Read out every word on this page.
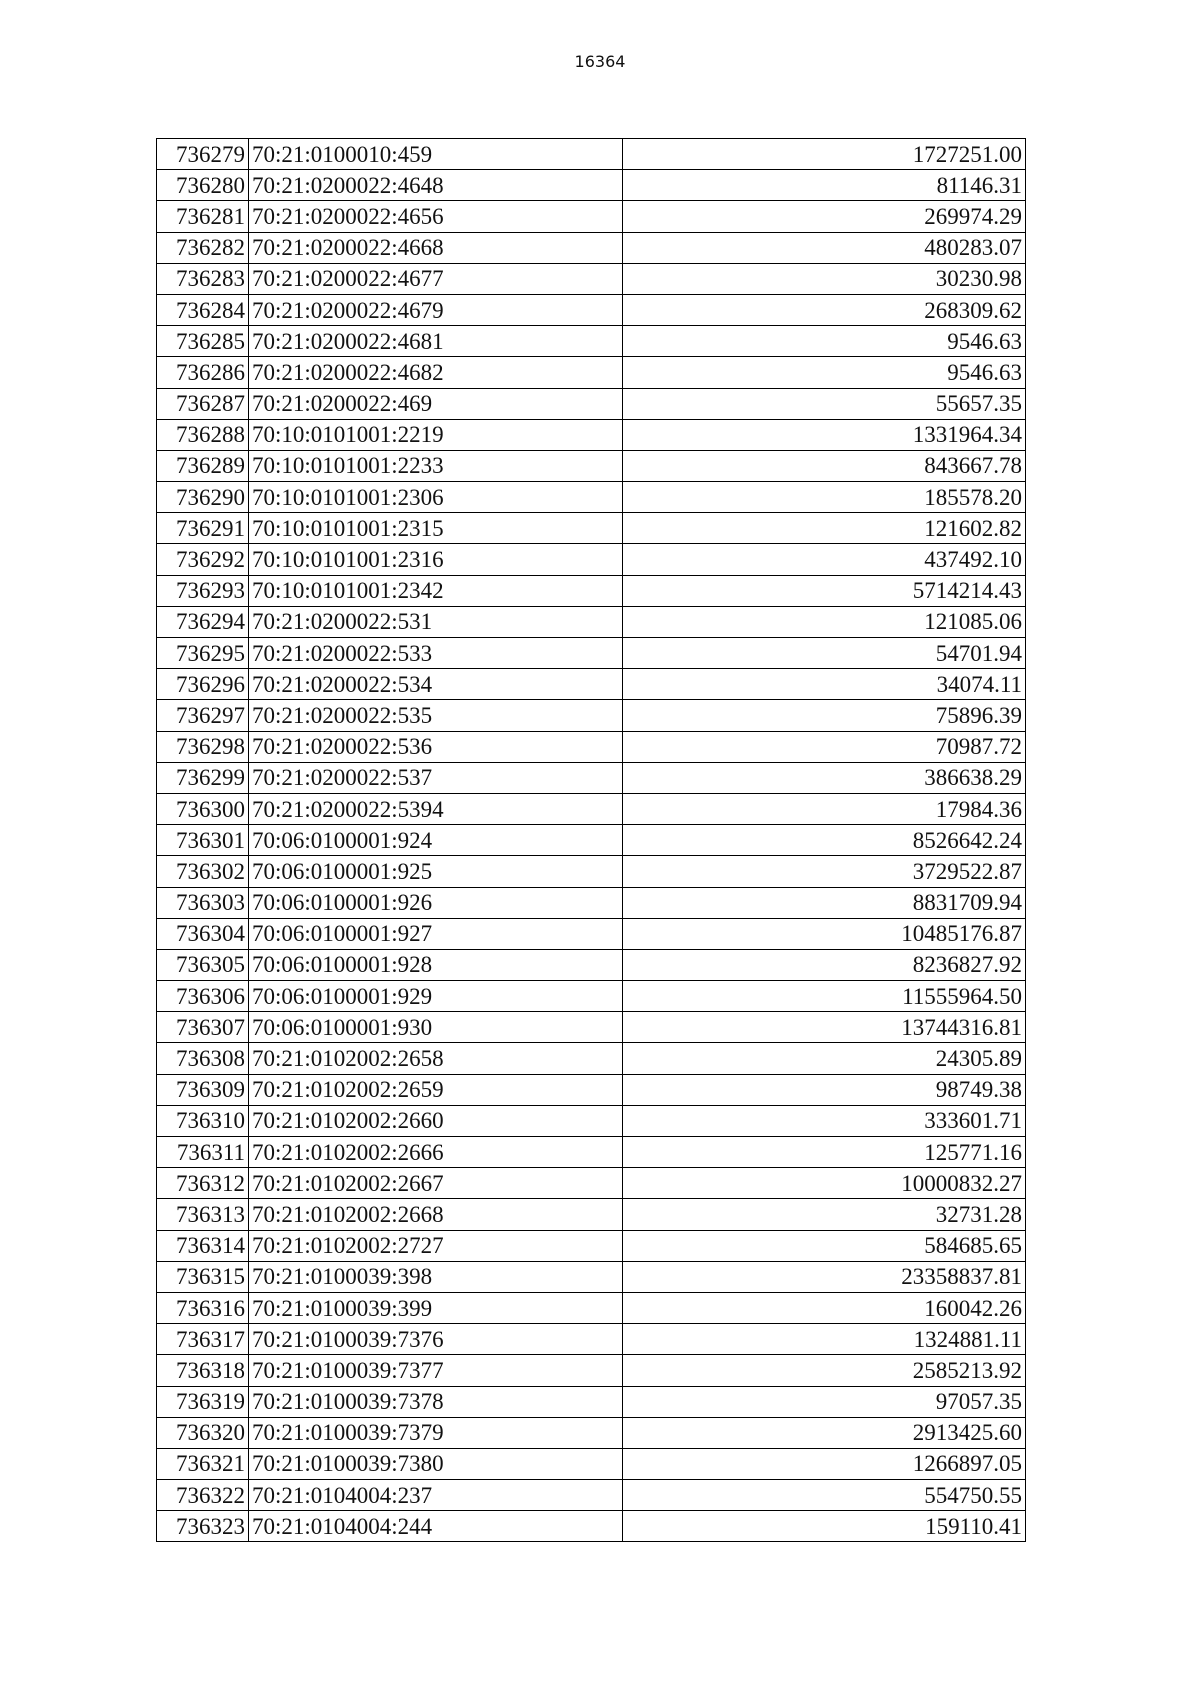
16364
736279	70:21:0100010:459	1727251.00
736280	70:21:0200022:4648	81146.31
736281	70:21:0200022:4656	269974.29
736282	70:21:0200022:4668	480283.07
736283	70:21:0200022:4677	30230.98
736284	70:21:0200022:4679	268309.62
736285	70:21:0200022:4681	9546.63
736286	70:21:0200022:4682	9546.63
736287	70:21:0200022:469	55657.35
736288	70:10:0101001:2219	1331964.34
736289	70:10:0101001:2233	843667.78
736290	70:10:0101001:2306	185578.20
736291	70:10:0101001:2315	121602.82
736292	70:10:0101001:2316	437492.10
736293	70:10:0101001:2342	5714214.43
736294	70:21:0200022:531	121085.06
736295	70:21:0200022:533	54701.94
736296	70:21:0200022:534	34074.11
736297	70:21:0200022:535	75896.39
736298	70:21:0200022:536	70987.72
736299	70:21:0200022:537	386638.29
736300	70:21:0200022:5394	17984.36
736301	70:06:0100001:924	8526642.24
736302	70:06:0100001:925	3729522.87
736303	70:06:0100001:926	8831709.94
736304	70:06:0100001:927	10485176.87
736305	70:06:0100001:928	8236827.92
736306	70:06:0100001:929	11555964.50
736307	70:06:0100001:930	13744316.81
736308	70:21:0102002:2658	24305.89
736309	70:21:0102002:2659	98749.38
736310	70:21:0102002:2660	333601.71
736311	70:21:0102002:2666	125771.16
736312	70:21:0102002:2667	10000832.27
736313	70:21:0102002:2668	32731.28
736314	70:21:0102002:2727	584685.65
736315	70:21:0100039:398	23358837.81
736316	70:21:0100039:399	160042.26
736317	70:21:0100039:7376	1324881.11
736318	70:21:0100039:7377	2585213.92
736319	70:21:0100039:7378	97057.35
736320	70:21:0100039:7379	2913425.60
736321	70:21:0100039:7380	1266897.05
736322	70:21:0104004:237	554750.55
736323	70:21:0104004:244	159110.41
